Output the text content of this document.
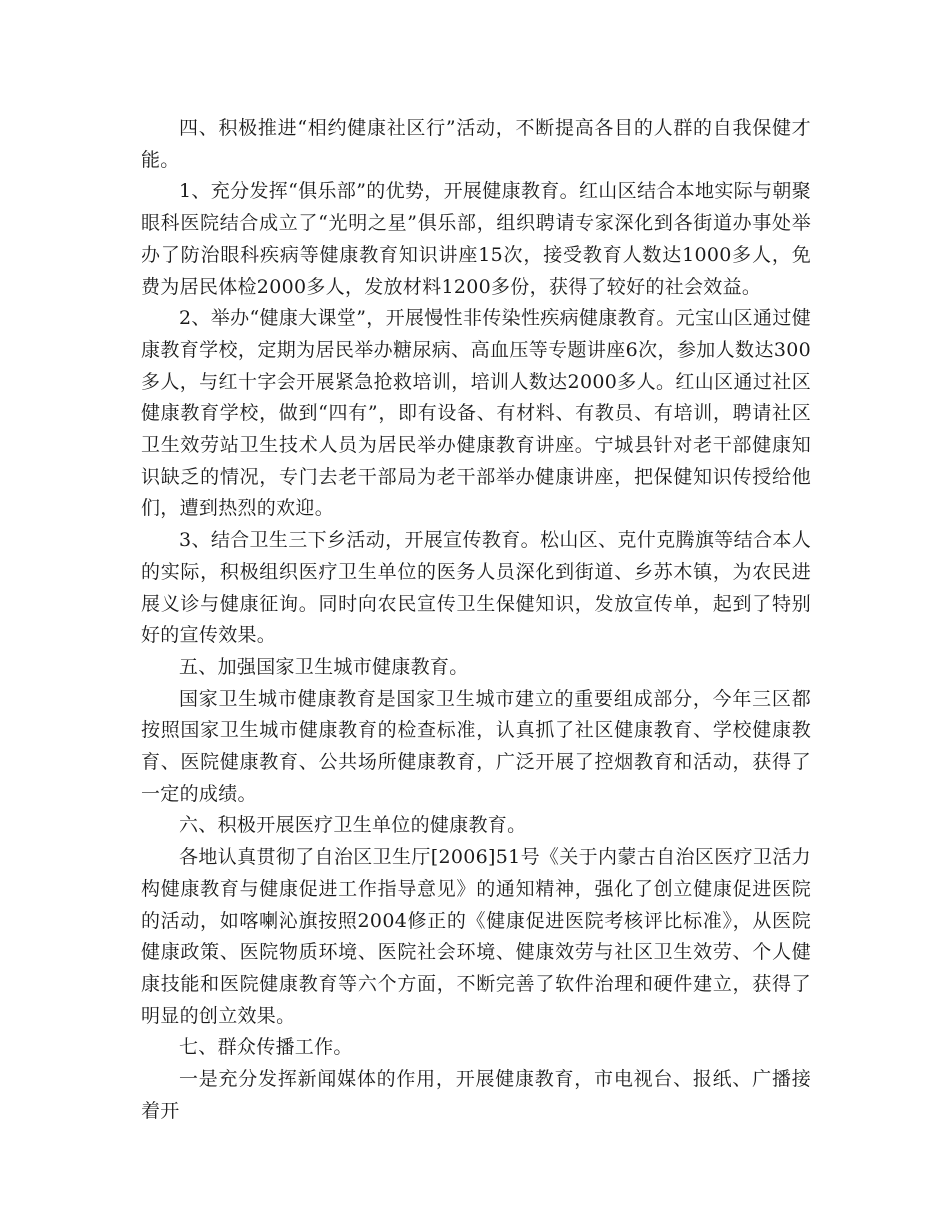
四、积极推进“相约健康社区行”活动，不断提高各目的人群的自我保健才能。

1、充分发挥“俱乐部”的优势，开展健康教育。红山区结合本地实际与朝聚眼科医院结合成立了“光明之星”俱乐部，组织聘请专家深化到各街道办事处举办了防治眼科疾病等健康教育知识讲座15次，接受教育人数达1000多人，免费为居民体检2000多人，发放材料1200多份，获得了较好的社会效益。

2、举办“健康大课堂”，开展慢性非传染性疾病健康教育。元宝山区通过健康教育学校，定期为居民举办糖尿病、高血压等专题讲座6次，参加人数达300多人，与红十字会开展紧急抢救培训，培训人数达2000多人。红山区通过社区健康教育学校，做到“四有”，即有设备、有材料、有教员、有培训，聘请社区卫生效劳站卫生技术人员为居民举办健康教育讲座。宁城县针对老干部健康知识缺乏的情况，专门去老干部局为老干部举办健康讲座，把保健知识传授给他们，遭到热烈的欢迎。

3、结合卫生三下乡活动，开展宣传教育。松山区、克什克腾旗等结合本人的实际，积极组织医疗卫生单位的医务人员深化到街道、乡苏木镇，为农民进展义诊与健康征询。同时向农民宣传卫生保健知识，发放宣传单，起到了特别好的宣传效果。

五、加强国家卫生城市健康教育。

国家卫生城市健康教育是国家卫生城市建立的重要组成部分，今年三区都按照国家卫生城市健康教育的检查标准，认真抓了社区健康教育、学校健康教育、医院健康教育、公共场所健康教育，广泛开展了控烟教育和活动，获得了一定的成绩。

六、积极开展医疗卫生单位的健康教育。

各地认真贯彻了自治区卫生厅[2006]51号《关于内蒙古自治区医疗卫活力构健康教育与健康促进工作指导意见》的通知精神，强化了创立健康促进医院的活动，如喀喇沁旗按照2004修正的《健康促进医院考核评比标准》，从医院健康政策、医院物质环境、医院社会环境、健康效劳与社区卫生效劳、个人健康技能和医院健康教育等六个方面，不断完善了软件治理和硬件建立，获得了明显的创立效果。

七、群众传播工作。

一是充分发挥新闻媒体的作用，开展健康教育，市电视台、报纸、广播接着开
